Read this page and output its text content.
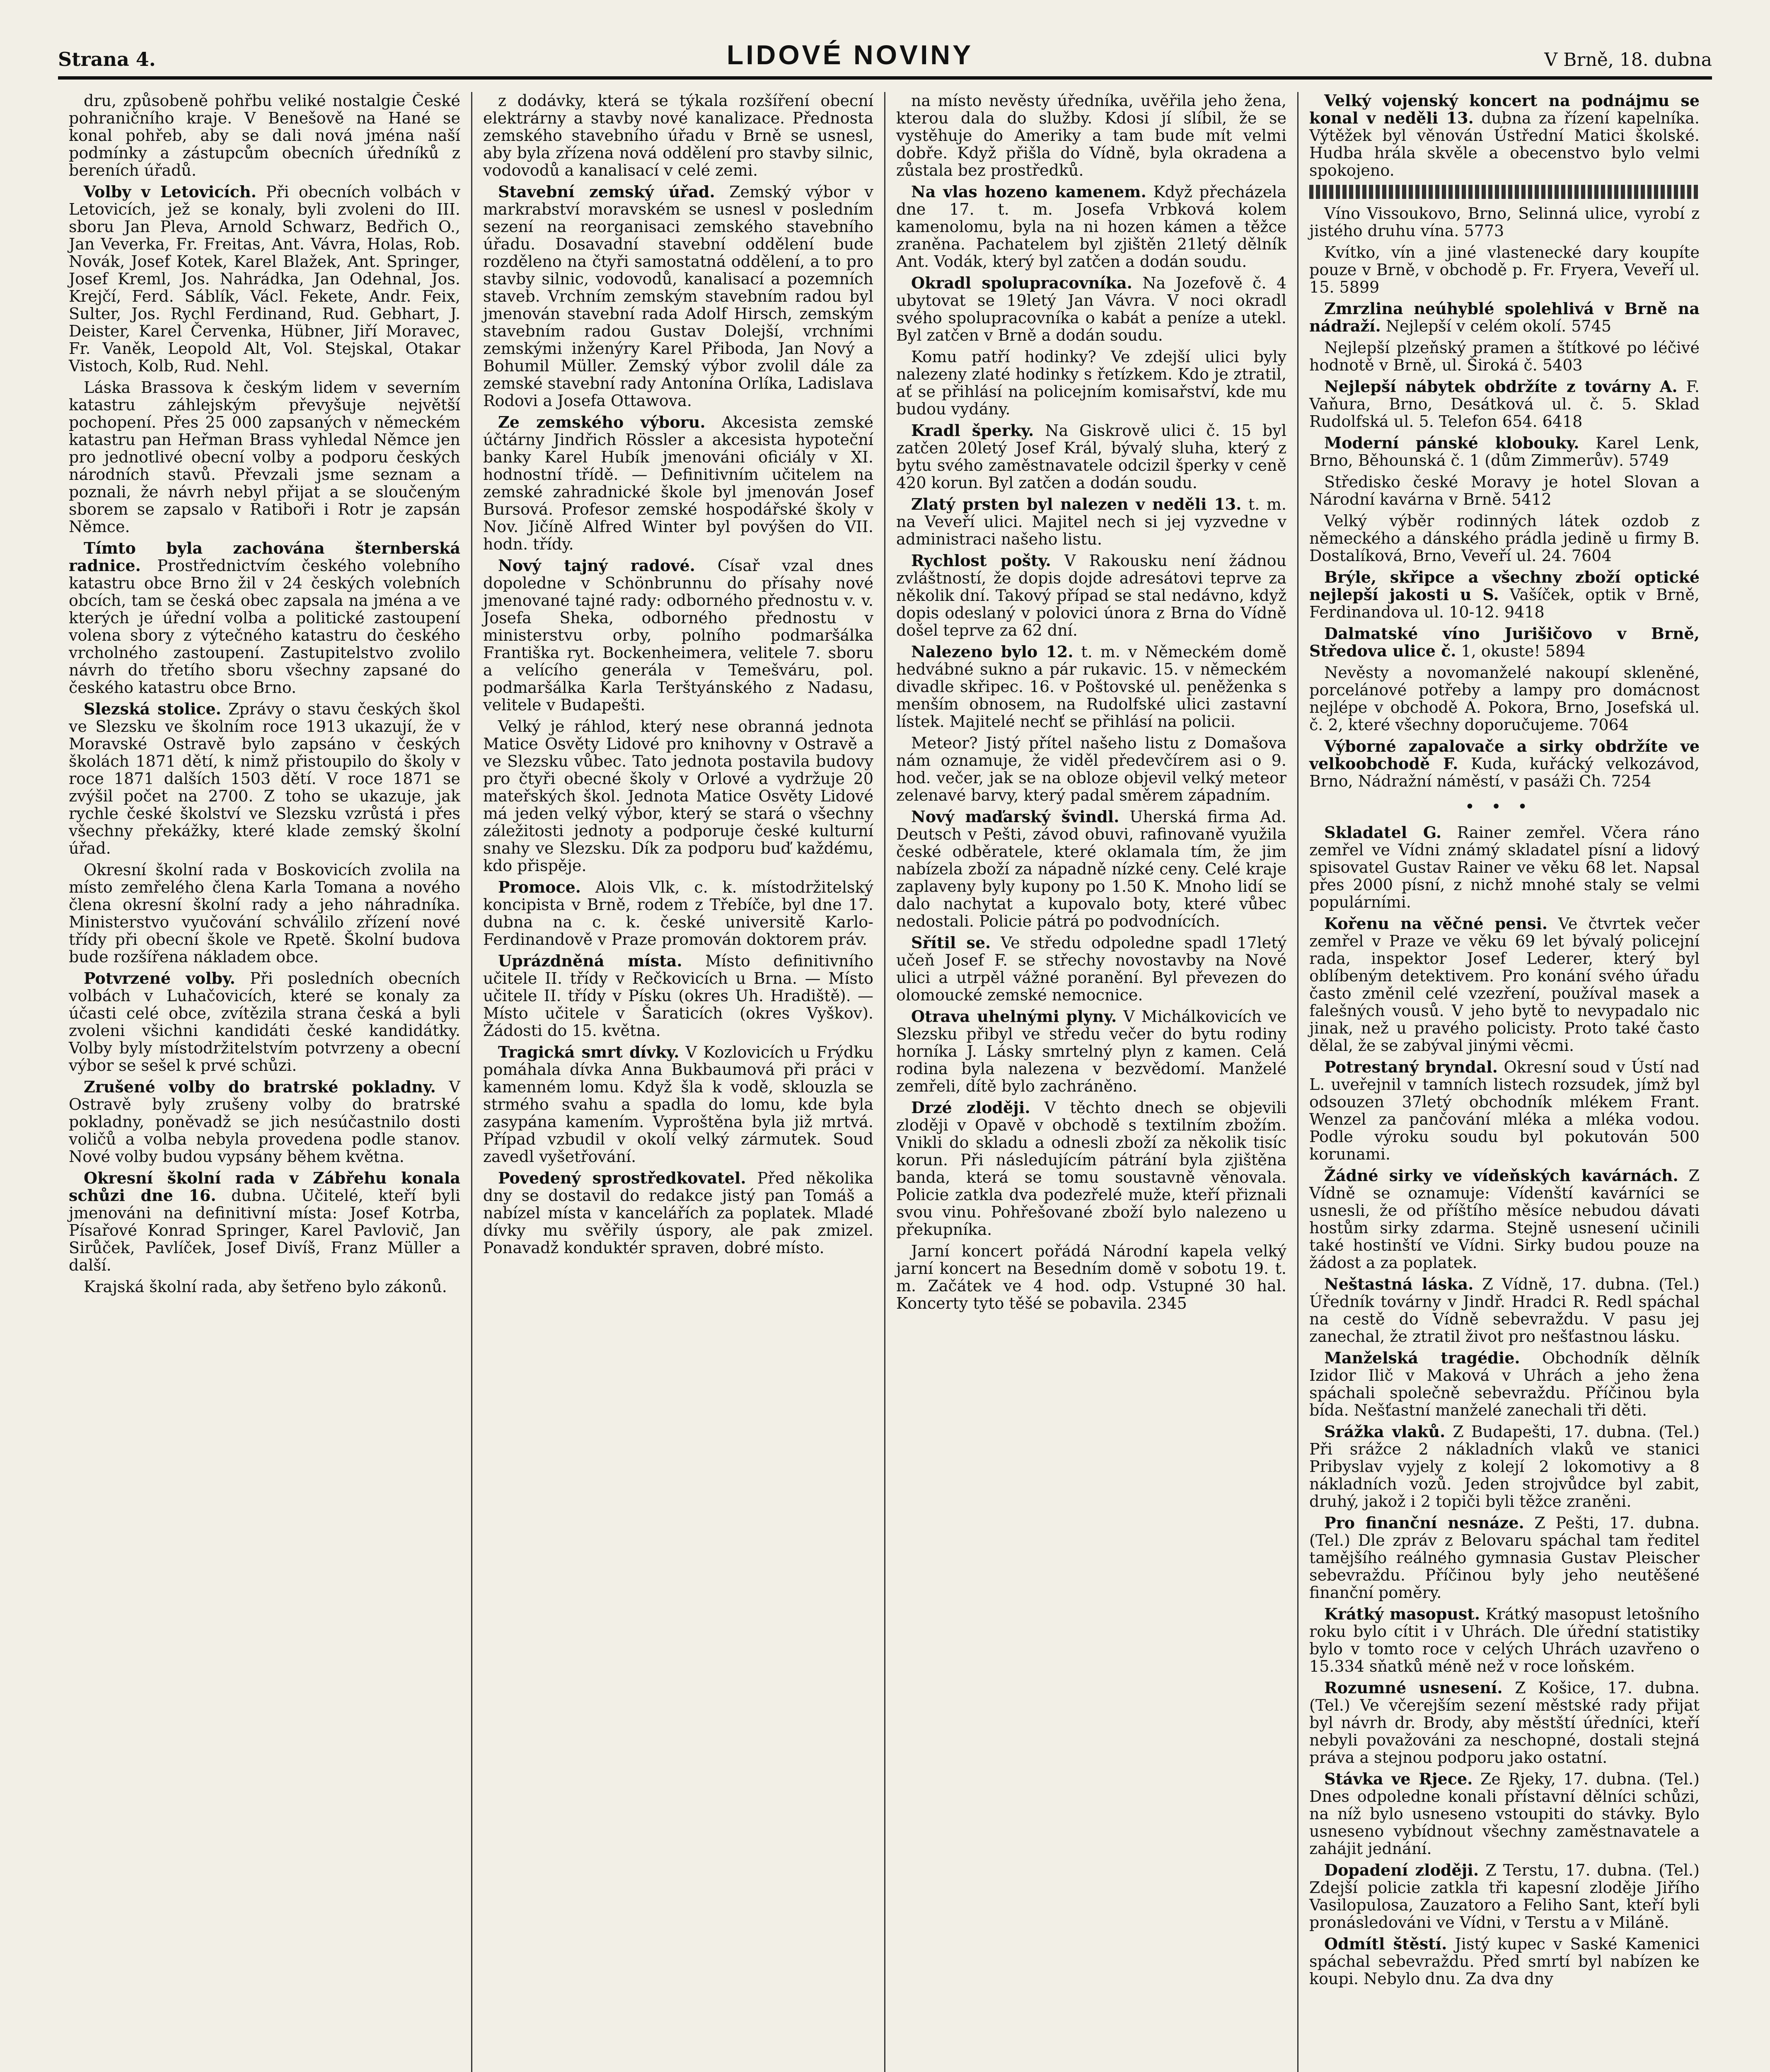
Strana 4.	LIDOVÉ NOVINY	V Brně, 18. dubna

dru, způsobeně pohřbu veliké nostalgie České pohraničního kraje. V Benešově na Hané se konal pohřeb, aby se dali nová jména naší podmínky a zástupcům obecních úředníků z bereních úřadů.

Volby v Letovicích. Při obecních volbách v Letovicích, jež se konaly, byli zvoleni do III. sboru Jan Pleva, Arnold Schwarz, Bedřich O., Jan Veverka, Fr. Freitas, Ant. Vávra, Holas, Rob. Novák, Josef Kotek, Karel Blažek, Ant. Springer, Josef Kreml, Jos. Nahrádka, Jan Odehnal, Jos. Krejčí, Ferd. Sáblík, Václ. Fekete, Andr. Feix, Sulter, Jos. Rychl Ferdinand, Rud. Gebhart, J. Deister, Karel Červenka, Hübner, Jiří Moravec, Fr. Vaněk, Leopold Alt, Vol. Stejskal, Otakar Vistoch, Kolb, Rud. Nehl.

Láska Brassova k českým lidem v severním katastru záhlejským převyšuje největší pochopení. Přes 25 000 zapsaných v německém katastru pan Heřman Brass vyhledal Němce jen pro jednotlivé obecní volby a podporu českých národních stavů. Převzali jsme seznam a poznali, že návrh nebyl přijat a se sloučeným sborem se zapsalo v Ratiboři i Rotr je zapsán Němce.

Tímto byla zachována šternberská radnice. Prostřednictvím českého volebního katastru obce Brno žil v 24 českých volebních obcích, tam se česká obec zapsala na jména a ve kterých je úřední volba a politické zastoupení volena sbory z výtečného katastru do českého vrcholného zastoupení. Zastupitelstvo zvolilo návrh do třetího sboru všechny zapsané do českého katastru obce Brno.

Slezská stolice. Zprávy o stavu českých škol ve Slezsku ve školním roce 1913 ukazují, že v Moravské Ostravě bylo zapsáno v českých školách 1871 dětí, k nimž přistoupilo do školy v roce 1871 dalších 1503 dětí. V roce 1871 se zvýšil počet na 2700. Z toho se ukazuje, jak rychle české školství ve Slezsku vzrůstá i přes všechny překážky, které klade zemský školní úřad.

Okresní školní rada v Boskovicích zvolila na místo zemřelého člena Karla Tomana a nového člena okresní školní rady a jeho náhradníka. Ministerstvo vyučování schválilo zřízení nové třídy při obecní škole ve Rpetě. Školní budova bude rozšířena nákladem obce.

Potvrzené volby. Při posledních obecních volbách v Luhačovicích, které se konaly za účasti celé obce, zvítězila strana česká a byli zvoleni všichni kandidáti české kandidátky. Volby byly místodržitelstvím potvrzeny a obecní výbor se sešel k prvé schůzi.

Zrušené volby do bratrské pokladny. V Ostravě byly zrušeny volby do bratrské pokladny, poněvadž se jich nesúčastnilo dosti voličů a volba nebyla provedena podle stanov. Nové volby budou vypsány během května.

Okresní školní rada v Zábřehu konala schůzi dne 16. dubna. Učitelé, kteří byli jmenováni na definitivní místa: Josef Kotrba, Písařové Konrad Springer, Karel Pavlovič, Jan Sirůček, Pavlíček, Josef Divíš, Franz Müller a další.

Krajská školní rada, aby šetřeno bylo zákonů.

z dodávky, která se týkala rozšíření obecní elektrárny a stavby nové kanalizace. Přednosta zemského stavebního úřadu v Brně se usnesl, aby byla zřízena nová oddělení pro stavby silnic, vodovodů a kanalisací v celé zemi.

Stavební zemský úřad. Zemský výbor v markrabství moravském se usnesl v posledním sezení na reorganisaci zemského stavebního úřadu. Dosavadní stavební oddělení bude rozděleno na čtyři samostatná oddělení, a to pro stavby silnic, vodovodů, kanalisací a pozemních staveb. Vrchním zemským stavebním radou byl jmenován stavební rada Adolf Hirsch, zemským stavebním radou Gustav Dolejší, vrchními zemskými inženýry Karel Přiboda, Jan Nový a Bohumil Müller. Zemský výbor zvolil dále za zemské stavební rady Antonína Orlíka, Ladislava Rodovi a Josefa Ottawova.

Ze zemského výboru. Akcesista zemské účtárny Jindřich Rössler a akcesista hypoteční banky Karel Hubík jmenováni oficiály v XI. hodnostní třídě. — Definitivním učitelem na zemské zahradnické škole byl jmenován Josef Bursová. Profesor zemské hospodářské školy v Nov. Jičíně Alfred Winter byl povýšen do VII. hodn. třídy.

Nový tajný radové. Císař vzal dnes dopoledne v Schönbrunnu do přísahy nové jmenované tajné rady: odborného přednostu v. v. Josefa Sheka, odborného přednostu v ministerstvu orby, polního podmaršálka Františka ryt. Bockenheimera, velitele 7. sboru a velícího generála v Temešváru, pol. podmaršálka Karla Terštyánského z Nadasu, velitele v Budapešti.

Velký je ráhlod, který nese obranná jednota Matice Osvěty Lidové pro knihovny v Ostravě a ve Slezsku vůbec. Tato jednota postavila budovy pro čtyři obecné školy v Orlové a vydržuje 20 mateřských škol. Jednota Matice Osvěty Lidové má jeden velký výbor, který se stará o všechny záležitosti jednoty a podporuje české kulturní snahy ve Slezsku. Dík za podporu buď každému, kdo přispěje.

Promoce. Alois Vlk, c. k. místodržitelský koncipista v Brně, rodem z Třebíče, byl dne 17. dubna na c. k. české universitě Karlo-Ferdinandově v Praze promován doktorem práv.

Uprázdněná místa. Místo definitivního učitele II. třídy v Rečkovicích u Brna. — Místo učitele II. třídy v Písku (okres Uh. Hradiště). — Místo učitele v Šaraticích (okres Vyškov). Žádosti do 15. května.

Tragická smrt dívky. V Kozlovicích u Frýdku pomáhala dívka Anna Bukbaumová při práci v kamenném lomu. Když šla k vodě, sklouzla se strmého svahu a spadla do lomu, kde byla zasypána kamením. Vyproštěna byla již mrtvá. Případ vzbudil v okolí velký zármutek. Soud zavedl vyšetřování.

Povedený sprostředkovatel. Před několika dny se dostavil do redakce jistý pan Tomáš a nabízel místa v kancelářích za poplatek. Mladé dívky mu svěřily úspory, ale pak zmizel. Ponavadž konduktér spraven, dobré místo.

na místo nevěsty úředníka, uvěřila jeho žena, kterou dala do služby. Kdosi jí slíbil, že se vystěhuje do Ameriky a tam bude mít velmi dobře. Když přišla do Vídně, byla okradena a zůstala bez prostředků.

Na vlas hozeno kamenem. Když přecházela dne 17. t. m. Josefa Vrbková kolem kamenolomu, byla na ni hozen kámen a těžce zraněna. Pachatelem byl zjištěn 21letý dělník Ant. Vodák, který byl zatčen a dodán soudu.

Okradl spolupracovníka. Na Jozefově č. 4 ubytovat se 19letý Jan Vávra. V noci okradl svého spolupracovníka o kabát a peníze a utekl. Byl zatčen v Brně a dodán soudu.

Komu patří hodinky? Ve zdejší ulici byly nalezeny zlaté hodinky s řetízkem. Kdo je ztratil, ať se přihlásí na policejním komisařství, kde mu budou vydány.

Kradl šperky. Na Giskrově ulici č. 15 byl zatčen 20letý Josef Král, bývalý sluha, který z bytu svého zaměstnavatele odcizil šperky v ceně 420 korun. Byl zatčen a dodán soudu.

Zlatý prsten byl nalezen v neděli 13. t. m. na Veveří ulici. Majitel nech si jej vyzvedne v administraci našeho listu.

Rychlost pošty. V Rakousku není žádnou zvláštností, že dopis dojde adresátovi teprve za několik dní. Takový případ se stal nedávno, když dopis odeslaný v polovici února z Brna do Vídně došel teprve za 62 dní.

Nalezeno bylo 12. t. m. v Německém domě hedvábné sukno a pár rukavic. 15. v německém divadle skřipec. 16. v Poštovské ul. peněženka s menším obnosem, na Rudolfské ulici zastavní lístek. Majitelé nechť se přihlásí na policii.

Meteor? Jistý přítel našeho listu z Domašova nám oznamuje, že viděl předevčírem asi o 9. hod. večer, jak se na obloze objevil velký meteor zelenavé barvy, který padal směrem západním.

Nový maďarský švindl. Uherská firma Ad. Deutsch v Pešti, závod obuvi, rafinovaně využila české odběratele, které oklamala tím, že jim nabízela zboží za nápadně nízké ceny. Celé kraje zaplaveny byly kupony po 1.50 K. Mnoho lidí se dalo nachytat a kupovalo boty, které vůbec nedostali. Policie pátrá po podvodnících.

Sřítil se. Ve středu odpoledne spadl 17letý učeň Josef F. se střechy novostavby na Nové ulici a utrpěl vážné poranění. Byl převezen do olomoucké zemské nemocnice.

Otrava uhelnými plyny. V Michálkovicích ve Slezsku přibyl ve středu večer do bytu rodiny horníka J. Lásky smrtelný plyn z kamen. Celá rodina byla nalezena v bezvědomí. Manželé zemřeli, dítě bylo zachráněno.

Drzé zloději. V těchto dnech se objevili zloději v Opavě v obchodě s textilním zbožím. Vnikli do skladu a odnesli zboží za několik tisíc korun. Při následujícím pátrání byla zjištěna banda, která se tomu soustavně věnovala. Policie zatkla dva podezřelé muže, kteří přiznali svou vinu. Pohřešované zboží bylo nalezeno u překupníka.

Jarní koncert pořádá Národní kapela velký jarní koncert na Besedním domě v sobotu 19. t. m. Začátek ve 4 hod. odp. Vstupné 30 hal. Koncerty tyto těšé se pobavila. 2345

Velký vojenský koncert na podnájmu se konal v neděli 13. dubna za řízení kapelníka. Výtěžek byl věnován Ústřední Matici školské. Hudba hrála skvěle a obecenstvo bylo velmi spokojeno.

Víno Vissoukovo, Brno, Selinná ulice, vyrobí z jistého druhu vína. 5773

Kvítko, vín a jiné vlastenecké dary koupíte pouze v Brně, v obchodě p. Fr. Fryera, Veveří ul. 15. 5899

Zmrzlina neúhyblé spolehlivá v Brně na nádraží. Nejlepší v celém okolí. 5745

Nejlepší plzeňský pramen a štítkové po léčivé hodnotě v Brně, ul. Široká č. 5403

Nejlepší nábytek obdržíte z továrny A. F. Vaňura, Brno, Desátková ul. č. 5. Sklad Rudolfská ul. 5. Telefon 654. 6418

Moderní pánské klobouky. Karel Lenk, Brno, Běhounská č. 1 (dům Zimmerův). 5749

Středisko české Moravy je hotel Slovan a Národní kavárna v Brně. 5412

Velký výběr rodinných látek ozdob z německého a dánského prádla jedině u firmy B. Dostalíková, Brno, Veveří ul. 24. 7604

Brýle, skřipce a všechny zboží optické nejlepší jakosti u S. Vašíček, optik v Brně, Ferdinandova ul. 10-12. 9418

Dalmatské víno Jurišičovo v Brně, Středova ulice č. 1, okuste! 5894

Nevěsty a novomanželé nakoupí skleněné, porcelánové potřeby a lampy pro domácnost nejlépe v obchodě A. Pokora, Brno, Josefská ul. č. 2, které všechny doporučujeme. 7064

Výborné zapalovače a sirky obdržíte ve velkoobchodě F. Kuda, kuřácký velkozávod, Brno, Nádražní náměstí, v pasáži Ch. 7254

•••

Skladatel G. Rainer zemřel. Včera ráno zemřel ve Vídni známý skladatel písní a lidový spisovatel Gustav Rainer ve věku 68 let. Napsal přes 2000 písní, z nichž mnohé staly se velmi populárními.

Kořenu na věčné pensi. Ve čtvrtek večer zemřel v Praze ve věku 69 let bývalý policejní rada, inspektor Josef Lederer, který byl oblíbeným detektivem. Pro konání svého úřadu často změnil celé vzezření, používal masek a falešných vousů. V jeho bytě to nevypadalo nic jinak, než u pravého policisty. Proto také často dělal, že se zabýval jinými věcmi.

Potrestaný bryndal. Okresní soud v Ústí nad L. uveřejnil v tamních listech rozsudek, jímž byl odsouzen 37letý obchodník mlékem Frant. Wenzel za pančování mléka a mléka vodou. Podle výroku soudu byl pokutován 500 korunami.

Žádné sirky ve vídeňských kavárnách. Z Vídně se oznamuje: Vídenští kavárníci se usnesli, že od příštího měsíce nebudou dávati hostům sirky zdarma. Stejně usnesení učinili také hostinští ve Vídni. Sirky budou pouze na žádost a za poplatek.

Neštastná láska. Z Vídně, 17. dubna. (Tel.) Úředník továrny v Jindř. Hradci R. Redl spáchal na cestě do Vídně sebevraždu. V pasu jej zanechal, že ztratil život pro nešťastnou lásku.

Manželská tragédie. Obchodník dělník Izidor Ilič v Maková v Uhrách a jeho žena spáchali společně sebevraždu. Příčinou byla bída. Nešťastní manželé zanechali tři děti.

Srážka vlaků. Z Budapešti, 17. dubna. (Tel.) Při srážce 2 nákladních vlaků ve stanici Pribyslav vyjely z kolejí 2 lokomotivy a 8 nákladních vozů. Jeden strojvůdce byl zabit, druhý, jakož i 2 topiči byli těžce zraněni.

Pro finanční nesnáze. Z Pešti, 17. dubna. (Tel.) Dle zpráv z Belovaru spáchal tam ředitel tamějšího reálného gymnasia Gustav Pleischer sebevraždu. Příčinou byly jeho neutěšené finanční poměry.

Krátký masopust. Krátký masopust letošního roku bylo cítit i v Uhrách. Dle úřední statistiky bylo v tomto roce v celých Uhrách uzavřeno o 15.334 sňatků méně než v roce loňském.

Rozumné usnesení. Z Košice, 17. dubna. (Tel.) Ve včerejším sezení městské rady přijat byl návrh dr. Brody, aby městští úředníci, kteří nebyli považováni za neschopné, dostali stejná práva a stejnou podporu jako ostatní.

Stávka ve Rjece. Ze Rjeky, 17. dubna. (Tel.) Dnes odpoledne konali přístavní dělníci schůzi, na níž bylo usneseno vstoupiti do stávky. Bylo usneseno vybídnout všechny zaměstnavatele a zahájit jednání.

Dopadení zloději. Z Terstu, 17. dubna. (Tel.) Zdejší policie zatkla tři kapesní zloděje Jiřího Vasilopulosa, Zauzatoro a Feliho Sant, kteří byli pronásledováni ve Vídni, v Terstu a v Miláně.

Odmítl štěstí. Jistý kupec v Saské Kamenici spáchal sebevraždu. Před smrtí byl nabízen ke koupi. Nebylo dnu. Za dva dny
